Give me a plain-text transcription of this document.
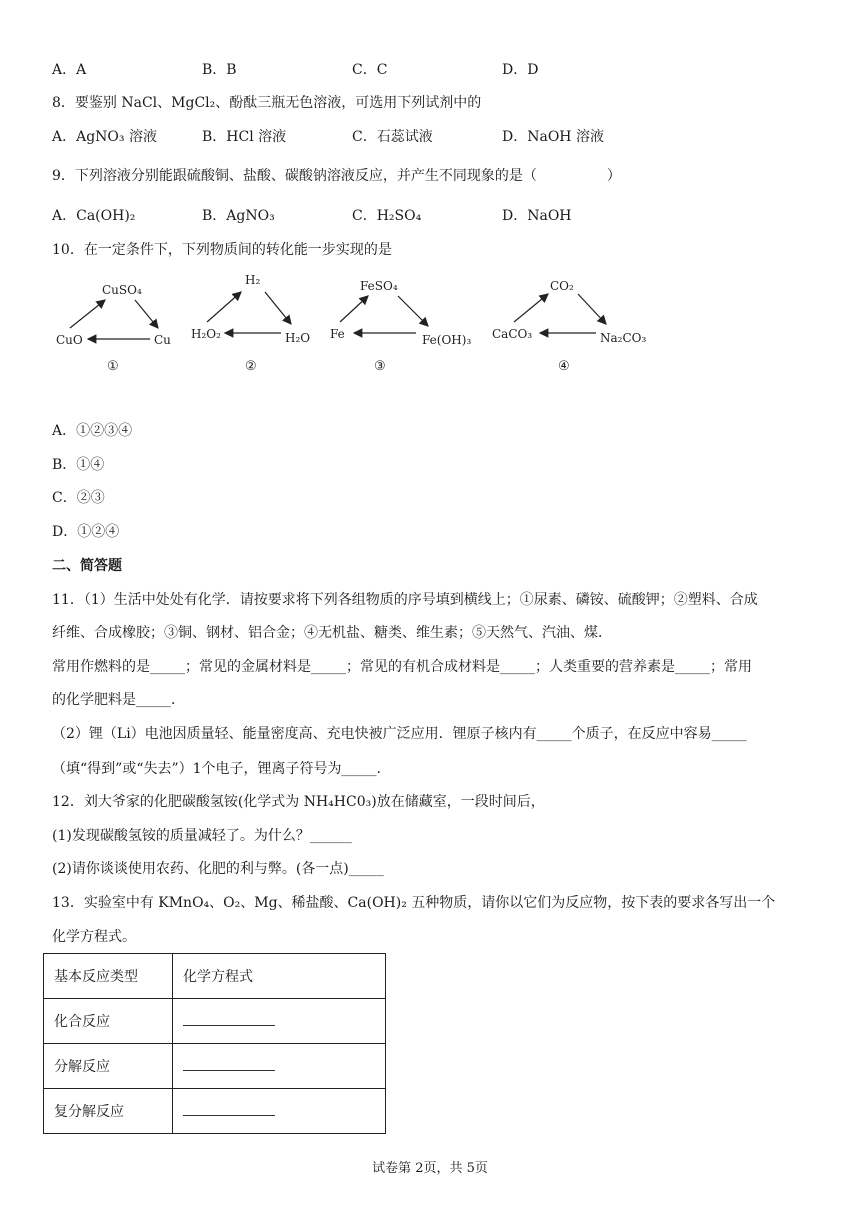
A．A	B．B	C．C	D．D
8．要鉴别 NaCl、MgCl₂、酚酞三瓶无色溶液，可选用下列试剂中的
A．AgNO₃ 溶液	B．HCl 溶液	C．石蕊试液	D．NaOH 溶液
9．下列溶液分别能跟硫酸铜、盐酸、碳酸钠溶液反应，并产生不同现象的是（　　　　　）
A．Ca(OH)₂	B．AgNO₃	C．H₂SO₄	D．NaOH
10．在一定条件下，下列物质间的转化能一步实现的是
CuSO₄
CuO	Cu
①
H₂
H₂O₂	H₂O
②
FeSO₄
Fe	Fe(OH)₃
③
CO₂
CaCO₃	Na₂CO₃
④
A．①②③④
B．①④
C．②③
D．①②④
二、简答题
11．（1）生活中处处有化学．请按要求将下列各组物质的序号填到横线上；①尿素、磷铵、硫酸钾；②塑料、合成
纤维、合成橡胶；③铜、钢材、铝合金；④无机盐、糖类、维生素；⑤天然气、汽油、煤．
常用作燃料的是_____；常见的金属材料是_____；常见的有机合成材料是_____；人类重要的营养素是_____；常用
的化学肥料是_____．
（2）锂（Li）电池因质量轻、能量密度高、充电快被广泛应用．锂原子核内有_____个质子，在反应中容易_____
（填“得到”或“失去”）1个电子，锂离子符号为_____.
12．刘大爷家的化肥碳酸氢铵(化学式为 NH₄HC0₃)放在储藏室，一段时间后，
(1)发现碳酸氢铵的质量减轻了。为什么？______
(2)请你谈谈使用农药、化肥的利与弊。(各一点)_____
13．实验室中有 KMnO₄、O₂、Mg、稀盐酸、Ca(OH)₂ 五种物质，请你以它们为反应物，按下表的要求各写出一个
化学方程式。
基本反应类型	化学方程式
化合反应	
分解反应	
复分解反应	
试卷第 2页，共 5页
